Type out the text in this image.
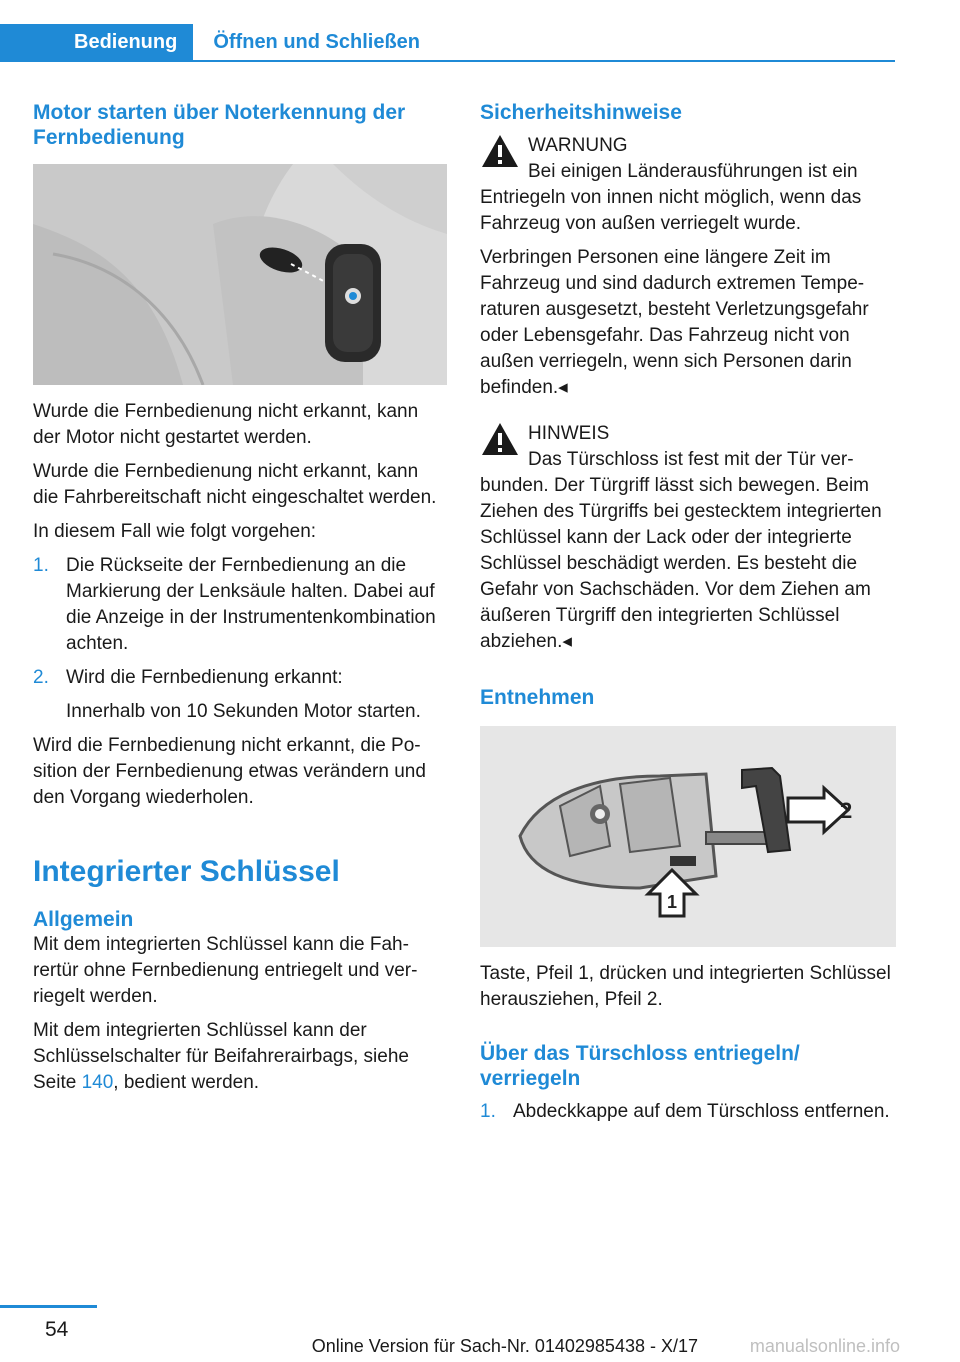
Bedienung	Öffnen und Schließen
Motor starten über Noterkennung der Fernbedienung

Wurde die Fernbedienung nicht erkannt, kann der Motor nicht gestartet werden.

Wurde die Fernbedienung nicht erkannt, kann die Fahrbereitschaft nicht eingeschaltet werden.

In diesem Fall wie folgt vorgehen:

1. Die Rückseite der Fernbedienung an die Markierung der Lenksäule halten. Dabei auf die Anzeige in der Instrumentenkombination achten.
2. Wird die Fernbedienung erkannt:
Innerhalb von 10 Sekunden Motor starten.

Wird die Fernbedienung nicht erkannt, die Position der Fernbedienung etwas verändern und den Vorgang wiederholen.

Integrierter Schlüssel
Allgemein

Mit dem integrierten Schlüssel kann die Fahrertür ohne Fernbedienung entriegelt und verriegelt werden.

Mit dem integrierten Schlüssel kann der Schlüsselschalter für Beifahrerairbags, siehe Seite 140, bedient werden.

Sicherheitshinweise

WARNUNG

Bei einigen Länderausführungen ist ein Entriegeln von innen nicht möglich, wenn das Fahrzeug von außen verriegelt wurde.

Verbringen Personen eine längere Zeit im Fahrzeug und sind dadurch extremen Temperaturen ausgesetzt, besteht Verletzungsgefahr oder Lebensgefahr. Das Fahrzeug nicht von außen verriegeln, wenn sich Personen darin befinden.◂

HINWEIS

Das Türschloss ist fest mit der Tür verbunden. Der Türgriff lässt sich bewegen. Beim Ziehen des Türgriffs bei gestecktem integrierten Schlüssel kann der Lack oder der integrierte Schlüssel beschädigt werden. Es besteht die Gefahr von Sachschäden. Vor dem Ziehen am äußeren Türgriff den integrierten Schlüssel abziehen.◂

Entnehmen
2
1

Taste, Pfeil 1, drücken und integrierten Schlüssel herausziehen, Pfeil 2.

Über das Türschloss entriegeln/ verriegeln
1. Abdeckkappe auf dem Türschloss entfernen.
54
Online Version für Sach-Nr. 01402985438 - X/17	manualsonline.info
